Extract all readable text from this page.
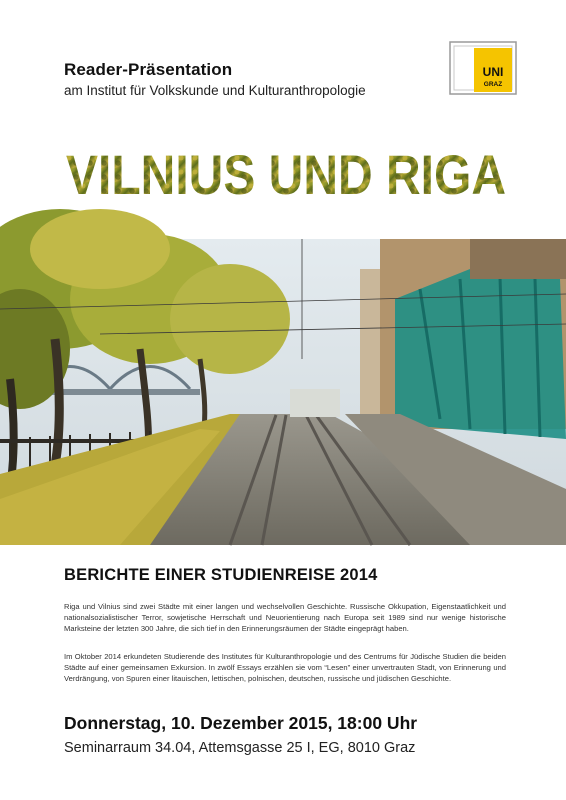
Reader-Präsentation
am Institut für Volkskunde und Kulturanthropologie
UNI
GRAZ
VILNIUS UND RIGA
BERICHTE EINER STUDIENREISE 2014

Riga und Vilnius sind zwei Städte mit einer langen und wechselvollen Geschichte. Russische Okkupation, Eigenstaatlichkeit und nationalsozialistischer Terror, sowjetische Herrschaft und Neuorientierung nach Europa seit 1989 sind nur wenige historische Marksteine der letzten 300 Jahre, die sich tief in den Erinnerungsräumen der Städte eingeprägt haben.

Im Oktober 2014 erkundeten Studierende des Institutes für Kulturanthropologie und des Centrums für Jüdische Studien die beiden Städte auf einer gemeinsamen Exkursion. In zwölf Essays erzählen sie vom “Lesen” einer unvertrauten Stadt, von Erinnerung und Verdrängung, von Spuren einer litauischen, lettischen, polnischen, deutschen, russische und jüdischen Geschichte.

Donnerstag, 10. Dezember 2015, 18:00 Uhr
Seminarraum 34.04, Attemsgasse 25 I, EG, 8010 Graz
